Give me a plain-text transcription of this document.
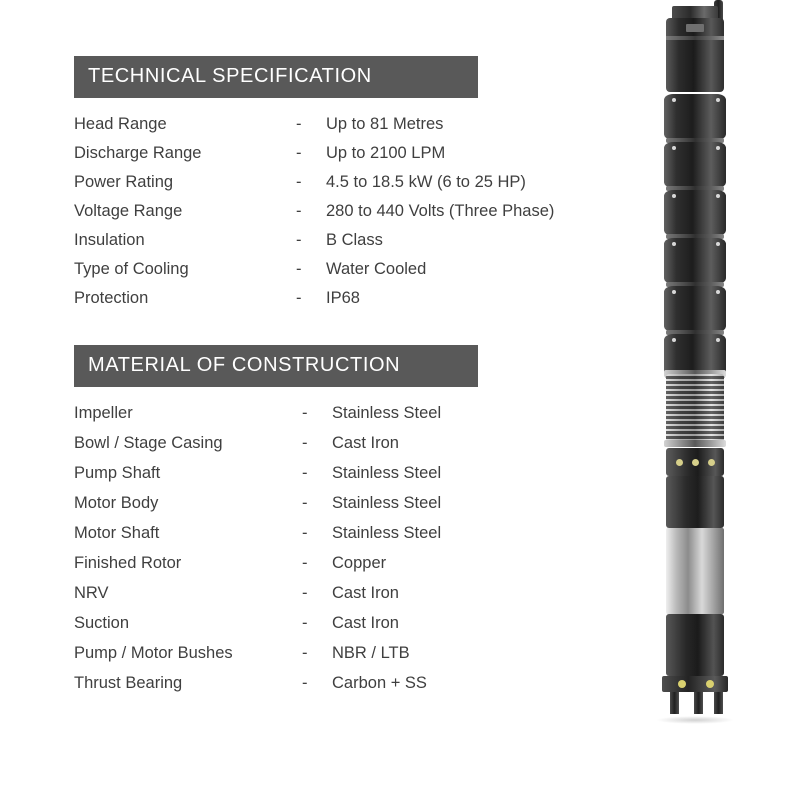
TECHNICAL SPECIFICATION
Head Range	-	Up to 81 Metres
Discharge Range	-	Up to 2100 LPM
Power Rating	-	4.5 to 18.5 kW (6 to 25 HP)
Voltage Range	-	280 to 440 Volts (Three Phase)
Insulation	-	B Class
Type of Cooling	-	Water Cooled
Protection	-	IP68
MATERIAL OF CONSTRUCTION
Impeller	-	Stainless Steel
Bowl / Stage Casing	-	Cast Iron
Pump Shaft	-	Stainless Steel
Motor Body	-	Stainless Steel
Motor Shaft	-	Stainless Steel
Finished Rotor	-	Copper
NRV	-	Cast Iron
Suction	-	Cast Iron
Pump / Motor Bushes	-	NBR / LTB
Thrust Bearing	-	Carbon + SS
